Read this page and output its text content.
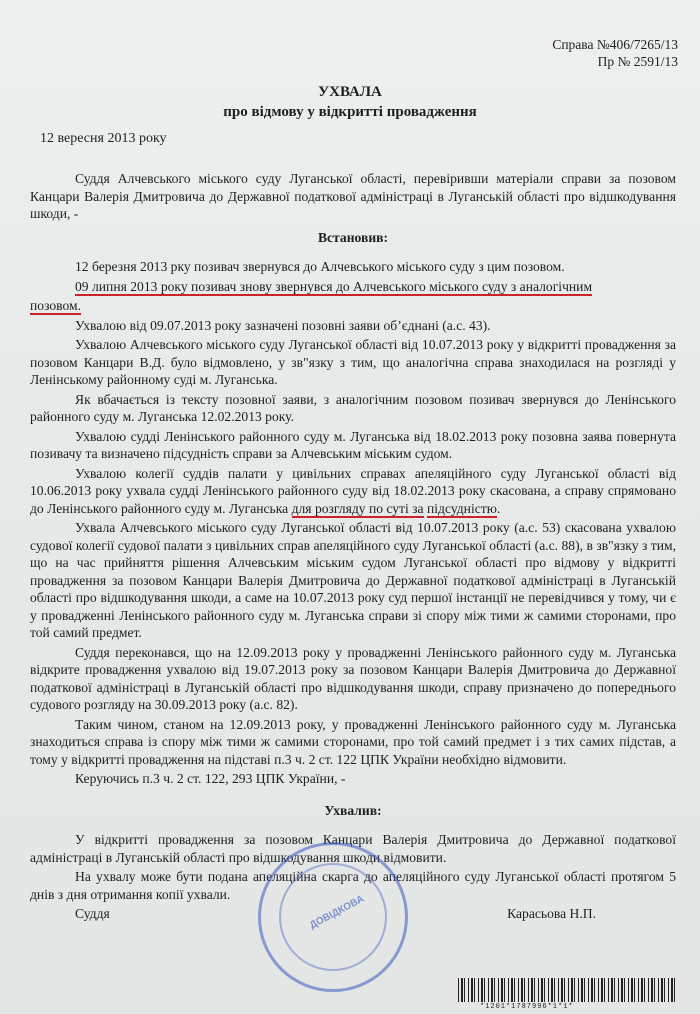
Справа №406/7265/13
Пр № 2591/13
УХВАЛА
про відмову у відкритті провадження
12 вересня 2013 року

Суддя Алчевського міського суду Луганської області, перевіривши матеріали справи за позовом Канцари Валерія Дмитровича до Державної податкової адміністраці в Луганській області про відшкодування шкоди, -

Встановив:

12 березня 2013 рку позивач звернувся до Алчевського міського суду з цим позовом.

09 липня 2013 року позивач знову звернувся до Алчевського міського суду з аналогічним

позовом.

Ухвалою від 09.07.2013 року зазначені позовні заяви об’єднані (а.с. 43).

Ухвалою Алчевського міського суду Луганської області від 10.07.2013 року у відкритті провадження за позовом Канцари В.Д. було відмовлено, у зв"язку з тим, що аналогічна справа знаходилася на розгляді у Ленінському районному суді м. Луганська.

Як вбачається із тексту позовної заяви, з аналогічним позовом позивач звернувся до Ленінського районного суду м. Луганська 12.02.2013 року.

Ухвалою судді Ленінського районного суду м. Луганська від 18.02.2013 року позовна заява повернута позивачу та визначено підсудність справи за Алчевським міським судом.

Ухвалою колегії суддів палати у цивільних справах апеляційного суду Луганської області від 10.06.2013 року ухвала судді Ленінського районного суду від 18.02.2013 року скасована, а справу спрямовано до Ленінського районного суду м. Луганська для розгляду по суті за підсудністю.

Ухвала Алчевського міського суду Луганської області від 10.07.2013 року (а.с. 53) скасована ухвалою судової колегії судової палати з цивільних справ апеляційного суду Луганської області (а.с. 88), в зв"язку з тим, що на час прийняття рішення Алчевським міським судом Луганської області про відмову у відкритті провадження за позовом Канцари Валерія Дмитровича до Державної податкової адміністраці в Луганській області про відшкодування шкоди, а саме на 10.07.2013 року суд першої інстанції не перевідчився у тому, чи є у провадженні Ленінського районного суду м. Луганська справи зі спору між тими ж самими сторонами, про той самий предмет.

Суддя переконався, що на 12.09.2013 року у провадженні Ленінського районного суду м. Луганська відкрите провадження ухвалою від 19.07.2013 року за позовом Канцари Валерія Дмитровича до Державної податкової адміністраці в Луганській області про відшкодування шкоди, справу призначено до попереднього судового розгляду на 30.09.2013 року (а.с. 82).

Таким чином, станом на 12.09.2013 року, у провадженні Ленінського районного суду м. Луганська знаходиться справа із спору між тими ж самими сторонами, про той самий предмет і з тих самих підстав, а тому у відкритті провадження на підставі п.3 ч. 2 ст. 122 ЦПК України необхідно відмовити.

Керуючись п.3 ч. 2 ст. 122, 293 ЦПК України, -

Ухвалив:

У відкритті провадження за позовом Канцари Валерія Дмитровича до Державної податкової адміністраці в Луганській області про відшкодування шкоди відмовити.

На ухвалу може бути подана апеляційна скарга до апеляційного суду Луганської області протягом 5 днів з дня отримання копії ухвали.

Суддя	Карасьова Н.П.

ДОВІДКОВА
*1201*1787996*1*1*
